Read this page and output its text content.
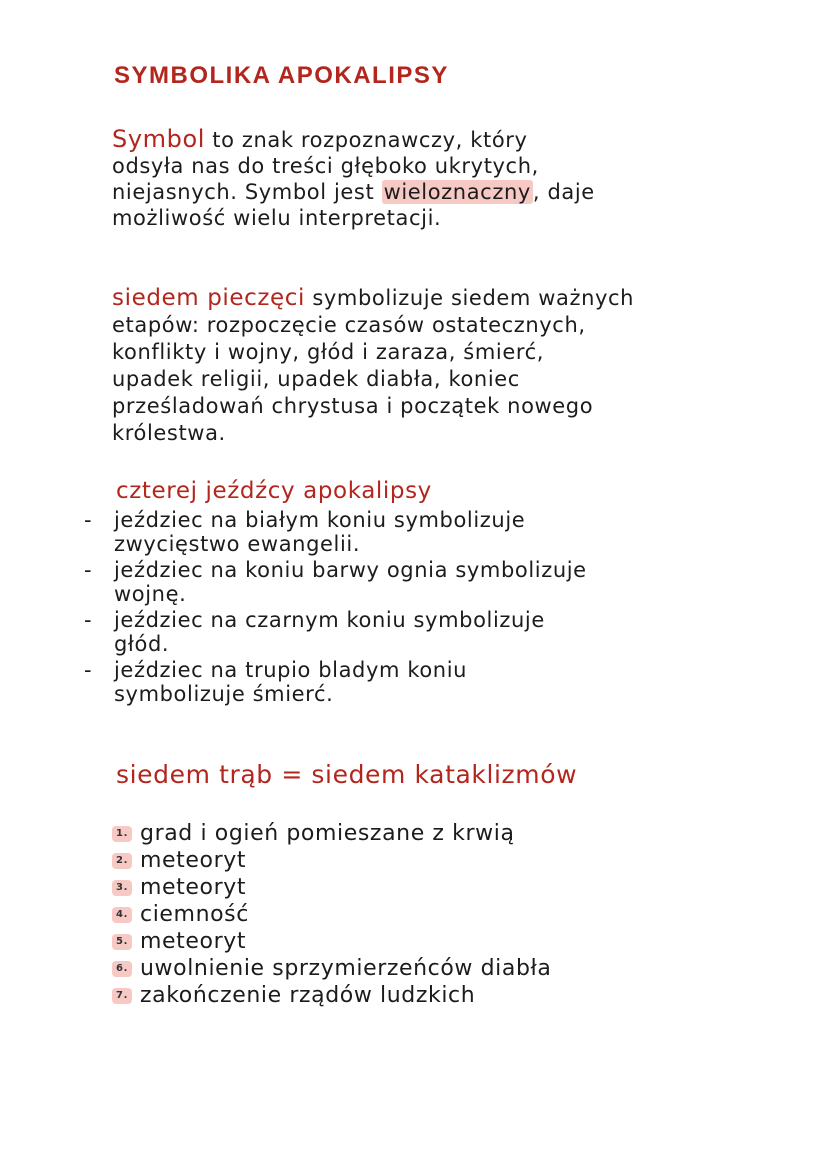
SYMBOLIKA APOKALIPSY
Symbol to znak rozpoznawczy, który
odsyła nas do treści głęboko ukrytych,
niejasnych. Symbol jest wieloznaczny, daje
możliwość wielu interpretacji.
siedem pieczęci symbolizuje siedem ważnych
etapów: rozpoczęcie czasów ostatecznych,
konflikty i wojny, głód i zaraza, śmierć,
upadek religii, upadek diabła, koniec
prześladowań chrystusa i początek nowego
królestwa.
czterej jeźdźcy apokalipsy
- jeździec na białym koniu symbolizuje
zwycięstwo ewangelii.
- jeździec na koniu barwy ognia symbolizuje
wojnę.
- jeździec na czarnym koniu symbolizuje
głód.
- jeździec na trupio bladym koniu
symbolizuje śmierć.
siedem trąb = siedem kataklizmów
1. grad i ogień pomieszane z krwią
2. meteoryt
3. meteoryt
4. ciemność
5. meteoryt
6. uwolnienie sprzymierzeńców diabła
7. zakończenie rządów ludzkich
